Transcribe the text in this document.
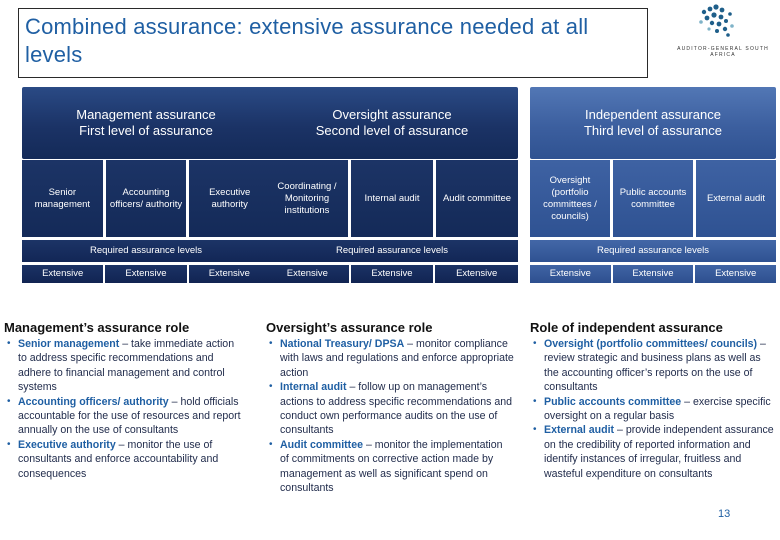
Combined assurance: extensive assurance needed at all levels	AUDITOR-GENERAL SOUTH AFRICA
Management assurance
First level of assurance
Senior management
Accounting officers/ authority
Executive authority
Required assurance levels
Extensive	Extensive	Extensive
Oversight assurance
Second level of assurance
Coordinating / Monitoring institutions
Internal audit	Audit committee
Required assurance levels
Extensive	Extensive	Extensive
Independent assurance
Third level of assurance
Oversight (portfolio committees / councils)
Public accounts committee
External audit
Required assurance levels
Extensive	Extensive	Extensive
Management’s assurance role
• Senior management – take immediate action to address specific recommendations and adhere to financial management and control systems
• Accounting officers/ authority – hold officials accountable for the use of resources and report annually on the use of consultants
• Executive authority – monitor the use of consultants and enforce accountability and consequences
Oversight’s assurance role
• National Treasury/ DPSA – monitor compliance with laws and regulations and enforce appropriate action
• Internal audit – follow up on management’s actions to address specific recommendations and conduct own performance audits on the use of consultants
• Audit committee – monitor the implementation of commitments on corrective action made by management as well as significant spend on consultants
Role of independent assurance
• Oversight (portfolio committees/ councils) – review strategic and business plans as well as the accounting officer’s reports on the use of consultants
• Public accounts committee – exercise specific oversight on a regular basis
• External audit – provide independent assurance on the credibility of reported information and identify instances of irregular, fruitless and wasteful expenditure on consultants
13
